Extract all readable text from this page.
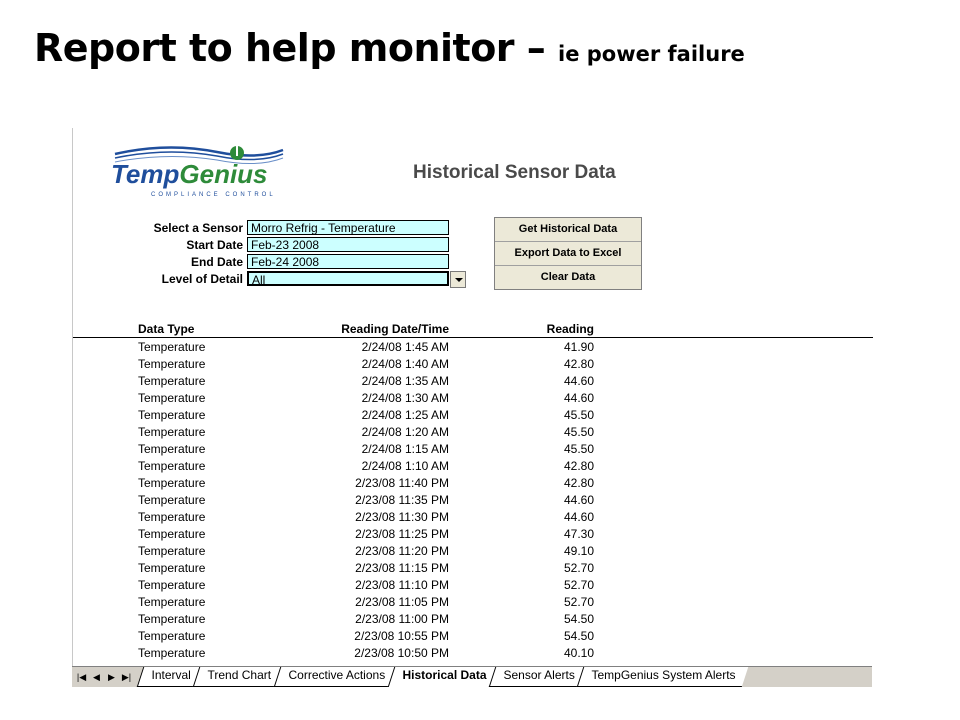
Report to help monitor – ie power failure
TempGenius
COMPLIANCE CONTROL
Historical Sensor Data
Select a Sensor Morro Refrig - Temperature
Start Date Feb-23 2008
End Date Feb-24 2008
Level of Detail All
Get Historical Data
Export Data to Excel
Clear Data
Data Type	Reading Date/Time	Reading
Temperature	2/24/08 1:45 AM	41.90
Temperature	2/24/08 1:40 AM	42.80
Temperature	2/24/08 1:35 AM	44.60
Temperature	2/24/08 1:30 AM	44.60
Temperature	2/24/08 1:25 AM	45.50
Temperature	2/24/08 1:20 AM	45.50
Temperature	2/24/08 1:15 AM	45.50
Temperature	2/24/08 1:10 AM	42.80
Temperature	2/23/08 11:40 PM	42.80
Temperature	2/23/08 11:35 PM	44.60
Temperature	2/23/08 11:30 PM	44.60
Temperature	2/23/08 11:25 PM	47.30
Temperature	2/23/08 11:20 PM	49.10
Temperature	2/23/08 11:15 PM	52.70
Temperature	2/23/08 11:10 PM	52.70
Temperature	2/23/08 11:05 PM	52.70
Temperature	2/23/08 11:00 PM	54.50
Temperature	2/23/08 10:55 PM	54.50
Temperature	2/23/08 10:50 PM	40.10
|◀ ◀ ▶ ▶|	Interval	Trend Chart	Corrective Actions	Historical Data	Sensor Alerts	TempGenius System Alerts
